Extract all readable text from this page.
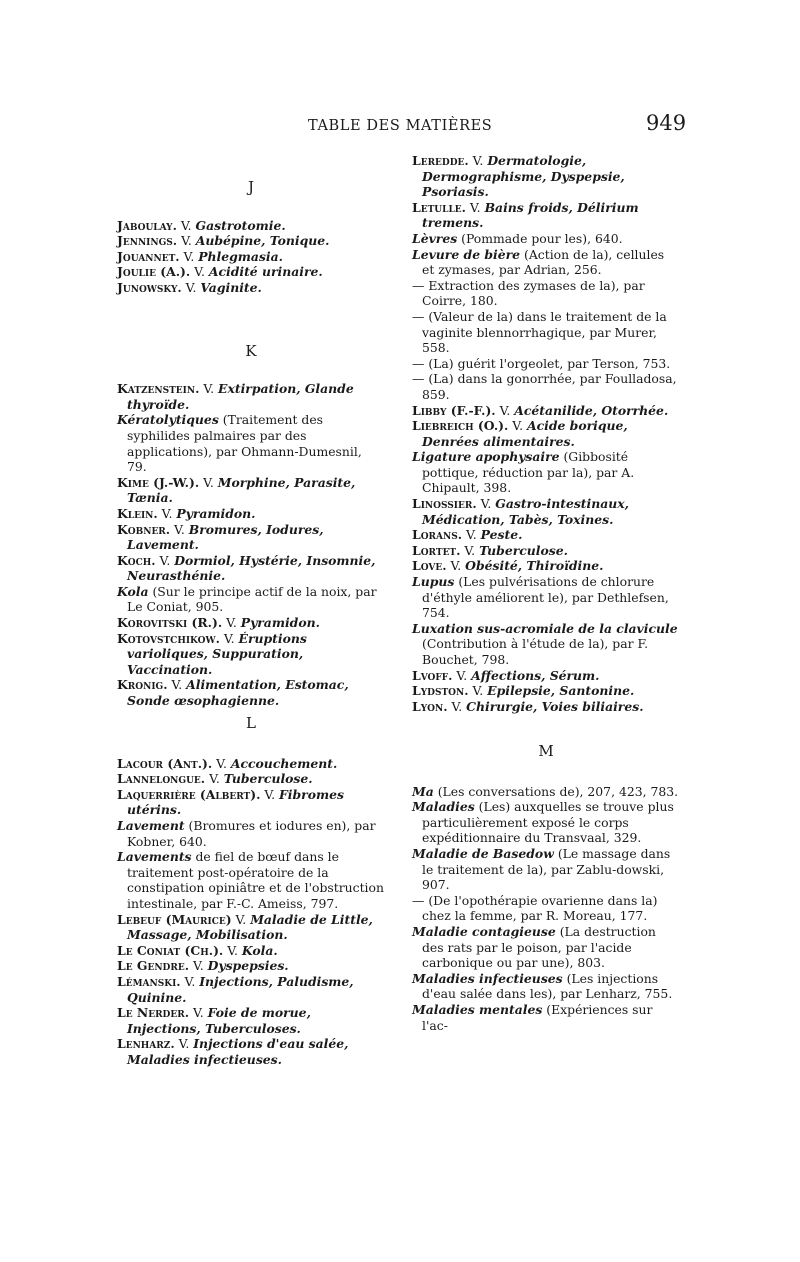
TABLE DES MATIÈRES	949
J

Jaboulay. V. Gastrotomie.

Jennings. V. Aubépine, Tonique.

Jouannet. V. Phlegmasia.

Joulie (A.). V. Acidité urinaire.

Junowsky. V. Vaginite.

K

Katzenstein. V. Extirpation, Glande thyroïde.

Kératolytiques (Traitement des syphilides palmaires par des applications), par Ohmann-Dumesnil, 79.

Kime (J.-W.). V. Morphine, Parasite, Tænia.

Klein. V. Pyramidon.

Kobner. V. Bromures, Iodures, Lavement.

Koch. V. Dormiol, Hystérie, Insomnie, Neurasthénie.

Kola (Sur le principe actif de la noix, par Le Coniat, 905.

Korovitski (R.). V. Pyramidon.

Kotovstchikow. V. Éruptions varioliques, Suppuration, Vaccination.

Kronig. V. Alimentation, Estomac, Sonde œsophagienne.

Leredde. V. Dermatologie, Dermographisme, Dyspepsie, Psoriasis.

Letulle. V. Bains froids, Délirium tremens.

Lèvres (Pommade pour les), 640.

Levure de bière (Action de la), cellules et zymases, par Adrian, 256.

— Extraction des zymases de la), par Coirre, 180.

— (Valeur de la) dans le traitement de la vaginite blennorrhagique, par Murer, 558.

— (La) guérit l'orgeolet, par Terson, 753.

— (La) dans la gonorrhée, par Foulladosa, 859.

Libby (F.-F.). V. Acétanilide, Otorrhée.

Liebreich (O.). V. Acide borique, Denrées alimentaires.

Ligature apophysaire (Gibbosité pottique, réduction par la), par A. Chipault, 398.

Linossier. V. Gastro-intestinaux, Médication, Tabès, Toxines.

Lorans. V. Peste.

Lortet. V. Tuberculose.

Love. V. Obésité, Thiroïdine.

Lupus (Les pulvérisations de chlorure d'éthyle améliorent le), par Dethlefsen, 754.

Luxation sus-acromiale de la clavicule (Contribution à l'étude de la), par F. Bouchet, 798.

Lvoff. V. Affections, Sérum.

Lydston. V. Epilepsie, Santonine.

Lyon. V. Chirurgie, Voies biliaires.

L

Lacour (Ant.). V. Accouchement.

Lannelongue. V. Tuberculose.

Laquerrière (Albert). V. Fibromes utérins.

Lavement (Bromures et iodures en), par Kobner, 640.

Lavements de fiel de bœuf dans le traitement post-opératoire de la constipation opiniâtre et de l'obstruction intestinale, par F.-C. Ameiss, 797.

Lebeuf (Maurice) V. Maladie de Little, Massage, Mobilisation.

Le Coniat (Ch.). V. Kola.

Le Gendre. V. Dyspepsies.

Lémanski. V. Injections, Paludisme, Quinine.

Le Nerder. V. Foie de morue, Injections, Tuberculoses.

Lenharz. V. Injections d'eau salée, Maladies infectieuses.

M

Ma (Les conversations de), 207, 423, 783.

Maladies (Les) auxquelles se trouve plus particulièrement exposé le corps expéditionnaire du Transvaal, 329.

Maladie de Basedow (Le massage dans le traitement de la), par Zablu-dowski, 907.

— (De l'opothérapie ovarienne dans la) chez la femme, par R. Moreau, 177.

Maladie contagieuse (La destruction des rats par le poison, par l'acide carbonique ou par une), 803.

Maladies infectieuses (Les injections d'eau salée dans les), par Lenharz, 755.

Maladies mentales (Expériences sur l'ac-
